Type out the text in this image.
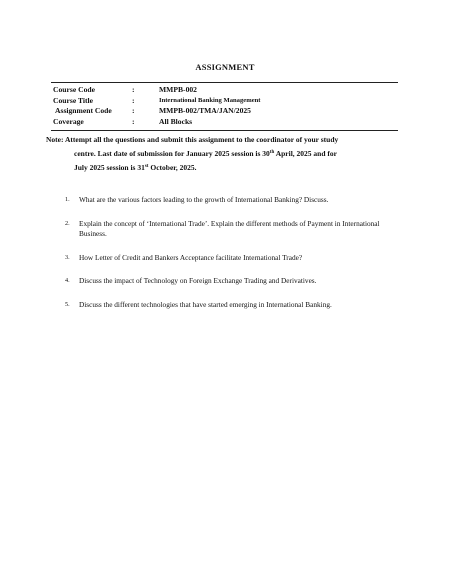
ASSIGNMENT
Course Code	:	MMPB-002
Course Title	:	International Banking Management
Assignment Code	:	MMPB-002/TMA/JAN/2025
Coverage	:	All Blocks
Note: Attempt all the questions and submit this assignment to the coordinator of your study
centre. Last date of submission for January 2025 session is 30th April, 2025 and for
July 2025 session is 31st October, 2025.
1. What are the various factors leading to the growth of International Banking? Discuss.
2. Explain the concept of ‘International Trade’. Explain the different methods of Payment in International Business.
3. How Letter of Credit and Bankers Acceptance facilitate International Trade?
4. Discuss the impact of Technology on Foreign Exchange Trading and Derivatives.
5. Discuss the different technologies that have started emerging in International Banking.
